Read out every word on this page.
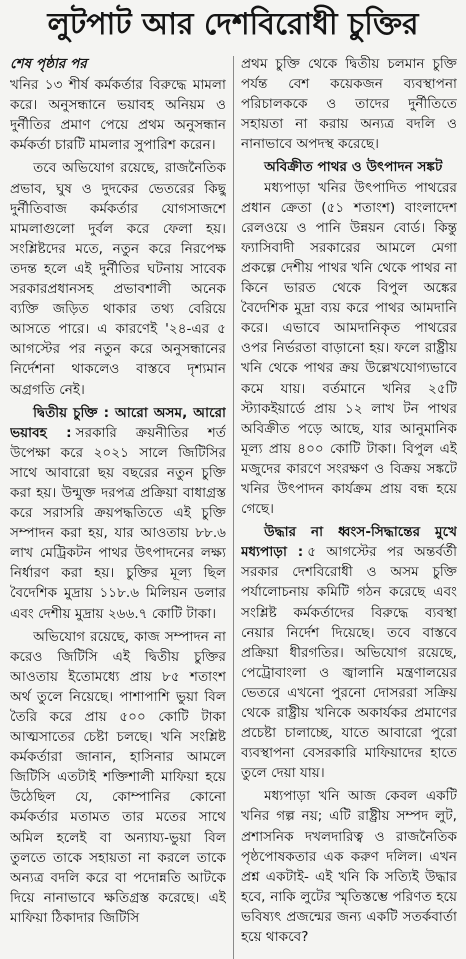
লুটপাট আর দেশবিরোধী চুক্তির

শেষ পৃষ্ঠার পর

খনির ১৩ শীর্ষ কর্মকর্তার বিরুদ্ধে মামলা করে। অনুসন্ধানে ভয়াবহ অনিয়ম ও দুর্নীতির প্রমাণ পেয়ে প্রথম অনুসন্ধান কর্মকর্তা চারটি মামলার সুপারিশ করেন।

তবে অভিযোগ রয়েছে, রাজনৈতিক প্রভাব, ঘুষ ও দুদকের ভেতরের কিছু দুর্নীতিবাজ কর্মকর্তার যোগসাজশে মামলাগুলো দুর্বল করে ফেলা হয়। সংশ্লিষ্টদের মতে, নতুন করে নিরপেক্ষ তদন্ত হলে এই দুর্নীতির ঘটনায় সাবেক সরকারপ্রধানসহ প্রভাবশালী অনেক ব্যক্তি জড়িত থাকার তথ্য বেরিয়ে আসতে পারে। এ কারণেই '২৪-এর ৫ আগস্টের পর নতুন করে অনুসন্ধানের নির্দেশনা থাকলেও বাস্তবে দৃশ্যমান অগ্রগতি নেই।

দ্বিতীয় চুক্তি : আরো অসম, আরো ভয়াবহ : সরকারি ক্রয়নীতির শর্ত উপেক্ষা করে ২০২১ সালে জিটিসির সাথে আবারো ছয় বছরের নতুন চুক্তি করা হয়। উন্মুক্ত দরপত্র প্রক্রিয়া বাধাগ্রস্ত করে সরাসরি ক্রয়পদ্ধতিতে এই চুক্তি সম্পাদন করা হয়, যার আওতায় ৮৮.৬ লাখ মেট্রিকটন পাথর উৎপাদনের লক্ষ্য নির্ধারণ করা হয়। চুক্তির মূল্য ছিল বৈদেশিক মুদ্রায় ১১৮.৬ মিলিয়ন ডলার এবং দেশীয় মুদ্রায় ২৬৬.৭ কোটি টাকা।

অভিযোগ রয়েছে, কাজ সম্পাদন না করেও জিটিসি এই দ্বিতীয় চুক্তির আওতায় ইতোমধ্যে প্রায় ৮৫ শতাংশ অর্থ তুলে নিয়েছে। পাশাপাশি ভুয়া বিল তৈরি করে প্রায় ৫০০ কোটি টাকা আত্মসাতের চেষ্টা চলছে। খনি সংশ্লিষ্ট কর্মকর্তারা জানান, হাসিনার আমলে জিটিসি এতটাই শক্তিশালী মাফিয়া হয়ে উঠেছিল যে, কোম্পানির কোনো কর্মকর্তার মতামত তার মতের সাথে অমিল হলেই বা অন্যায্য-ভুয়া বিল তুলতে তাকে সহায়তা না করলে তাকে অন্যত্র বদলি করে বা পদোন্নতি আটকে দিয়ে নানাভাবে ক্ষতিগ্রস্ত করেছে। এই মাফিয়া ঠিকাদার জিটিসি

প্রথম চুক্তি থেকে দ্বিতীয় চলমান চুক্তি পর্যন্ত বেশ কয়েকজন ব্যবস্থাপনা পরিচালককে ও তাদের দুর্নীতিতে সহায়তা না করায় অন্যত্র বদলি ও নানাভাবে অপদস্থ করেছে।

অবিক্রীত পাথর ও উৎপাদন সঙ্কট

মধ্যপাড়া খনির উৎপাদিত পাথরের প্রধান ক্রেতা (৫১ শতাংশ) বাংলাদেশ রেলওয়ে ও পানি উন্নয়ন বোর্ড। কিন্তু ফ্যাসিবাদী সরকারের আমলে মেগা প্রকল্পে দেশীয় পাথর খনি থেকে পাথর না কিনে ভারত থেকে বিপুল অঙ্কের বৈদেশিক মুদ্রা ব্যয় করে পাথর আমদানি করে। এভাবে আমদানিকৃত পাথরের ওপর নির্ভরতা বাড়ানো হয়। ফলে রাষ্ট্রীয় খনি থেকে পাথর ক্রয় উল্লেখযোগ্যভাবে কমে যায়। বর্তমানে খনির ২৫টি স্ট্যাকইয়ার্ডে প্রায় ১২ লাখ টন পাথর অবিক্রীত পড়ে আছে, যার আনুমানিক মূল্য প্রায় ৪০০ কোটি টাকা। বিপুল এই মজুদের কারণে সংরক্ষণ ও বিক্রয় সঙ্কটে খনির উৎপাদন কার্যক্রম প্রায় বন্ধ হয়ে গেছে।

উদ্ধার না ধ্বংস-সিদ্ধান্তের মুখে মধ্যপাড়া : ৫ আগস্টের পর অন্তর্বর্তী সরকার দেশবিরোধী ও অসম চুক্তি পর্যালোচনায় কমিটি গঠন করেছে এবং সংশ্লিষ্ট কর্মকর্তাদের বিরুদ্ধে ব্যবস্থা নেয়ার নির্দেশ দিয়েছে। তবে বাস্তবে প্রক্রিয়া ধীরগতির। অভিযোগ রয়েছে, পেট্রোবাংলা ও জ্বালানি মন্ত্রণালয়ের ভেতরে এখনো পুরনো দোসররা সক্রিয় থেকে রাষ্ট্রীয় খনিকে অকার্যকর প্রমাণের প্রচেষ্টা চালাচ্ছে, যাতে আবারো পুরো ব্যবস্থাপনা বেসরকারি মাফিয়াদের হাতে তুলে দেয়া যায়।

মধ্যপাড়া খনি আজ কেবল একটি খনির গল্প নয়; এটি রাষ্ট্রীয় সম্পদ লুট, প্রশাসনিক দখলদারিত্ব ও রাজনৈতিক পৃষ্ঠপোষকতার এক করুণ দলিল। এখন প্রশ্ন একটাই- এই খনি কি সত্যিই উদ্ধার হবে, নাকি লুটের স্মৃতিস্তম্ভে পরিণত হয়ে ভবিষ্যৎ প্রজন্মের জন্য একটি সতর্কবার্তা হয়ে থাকবে?
